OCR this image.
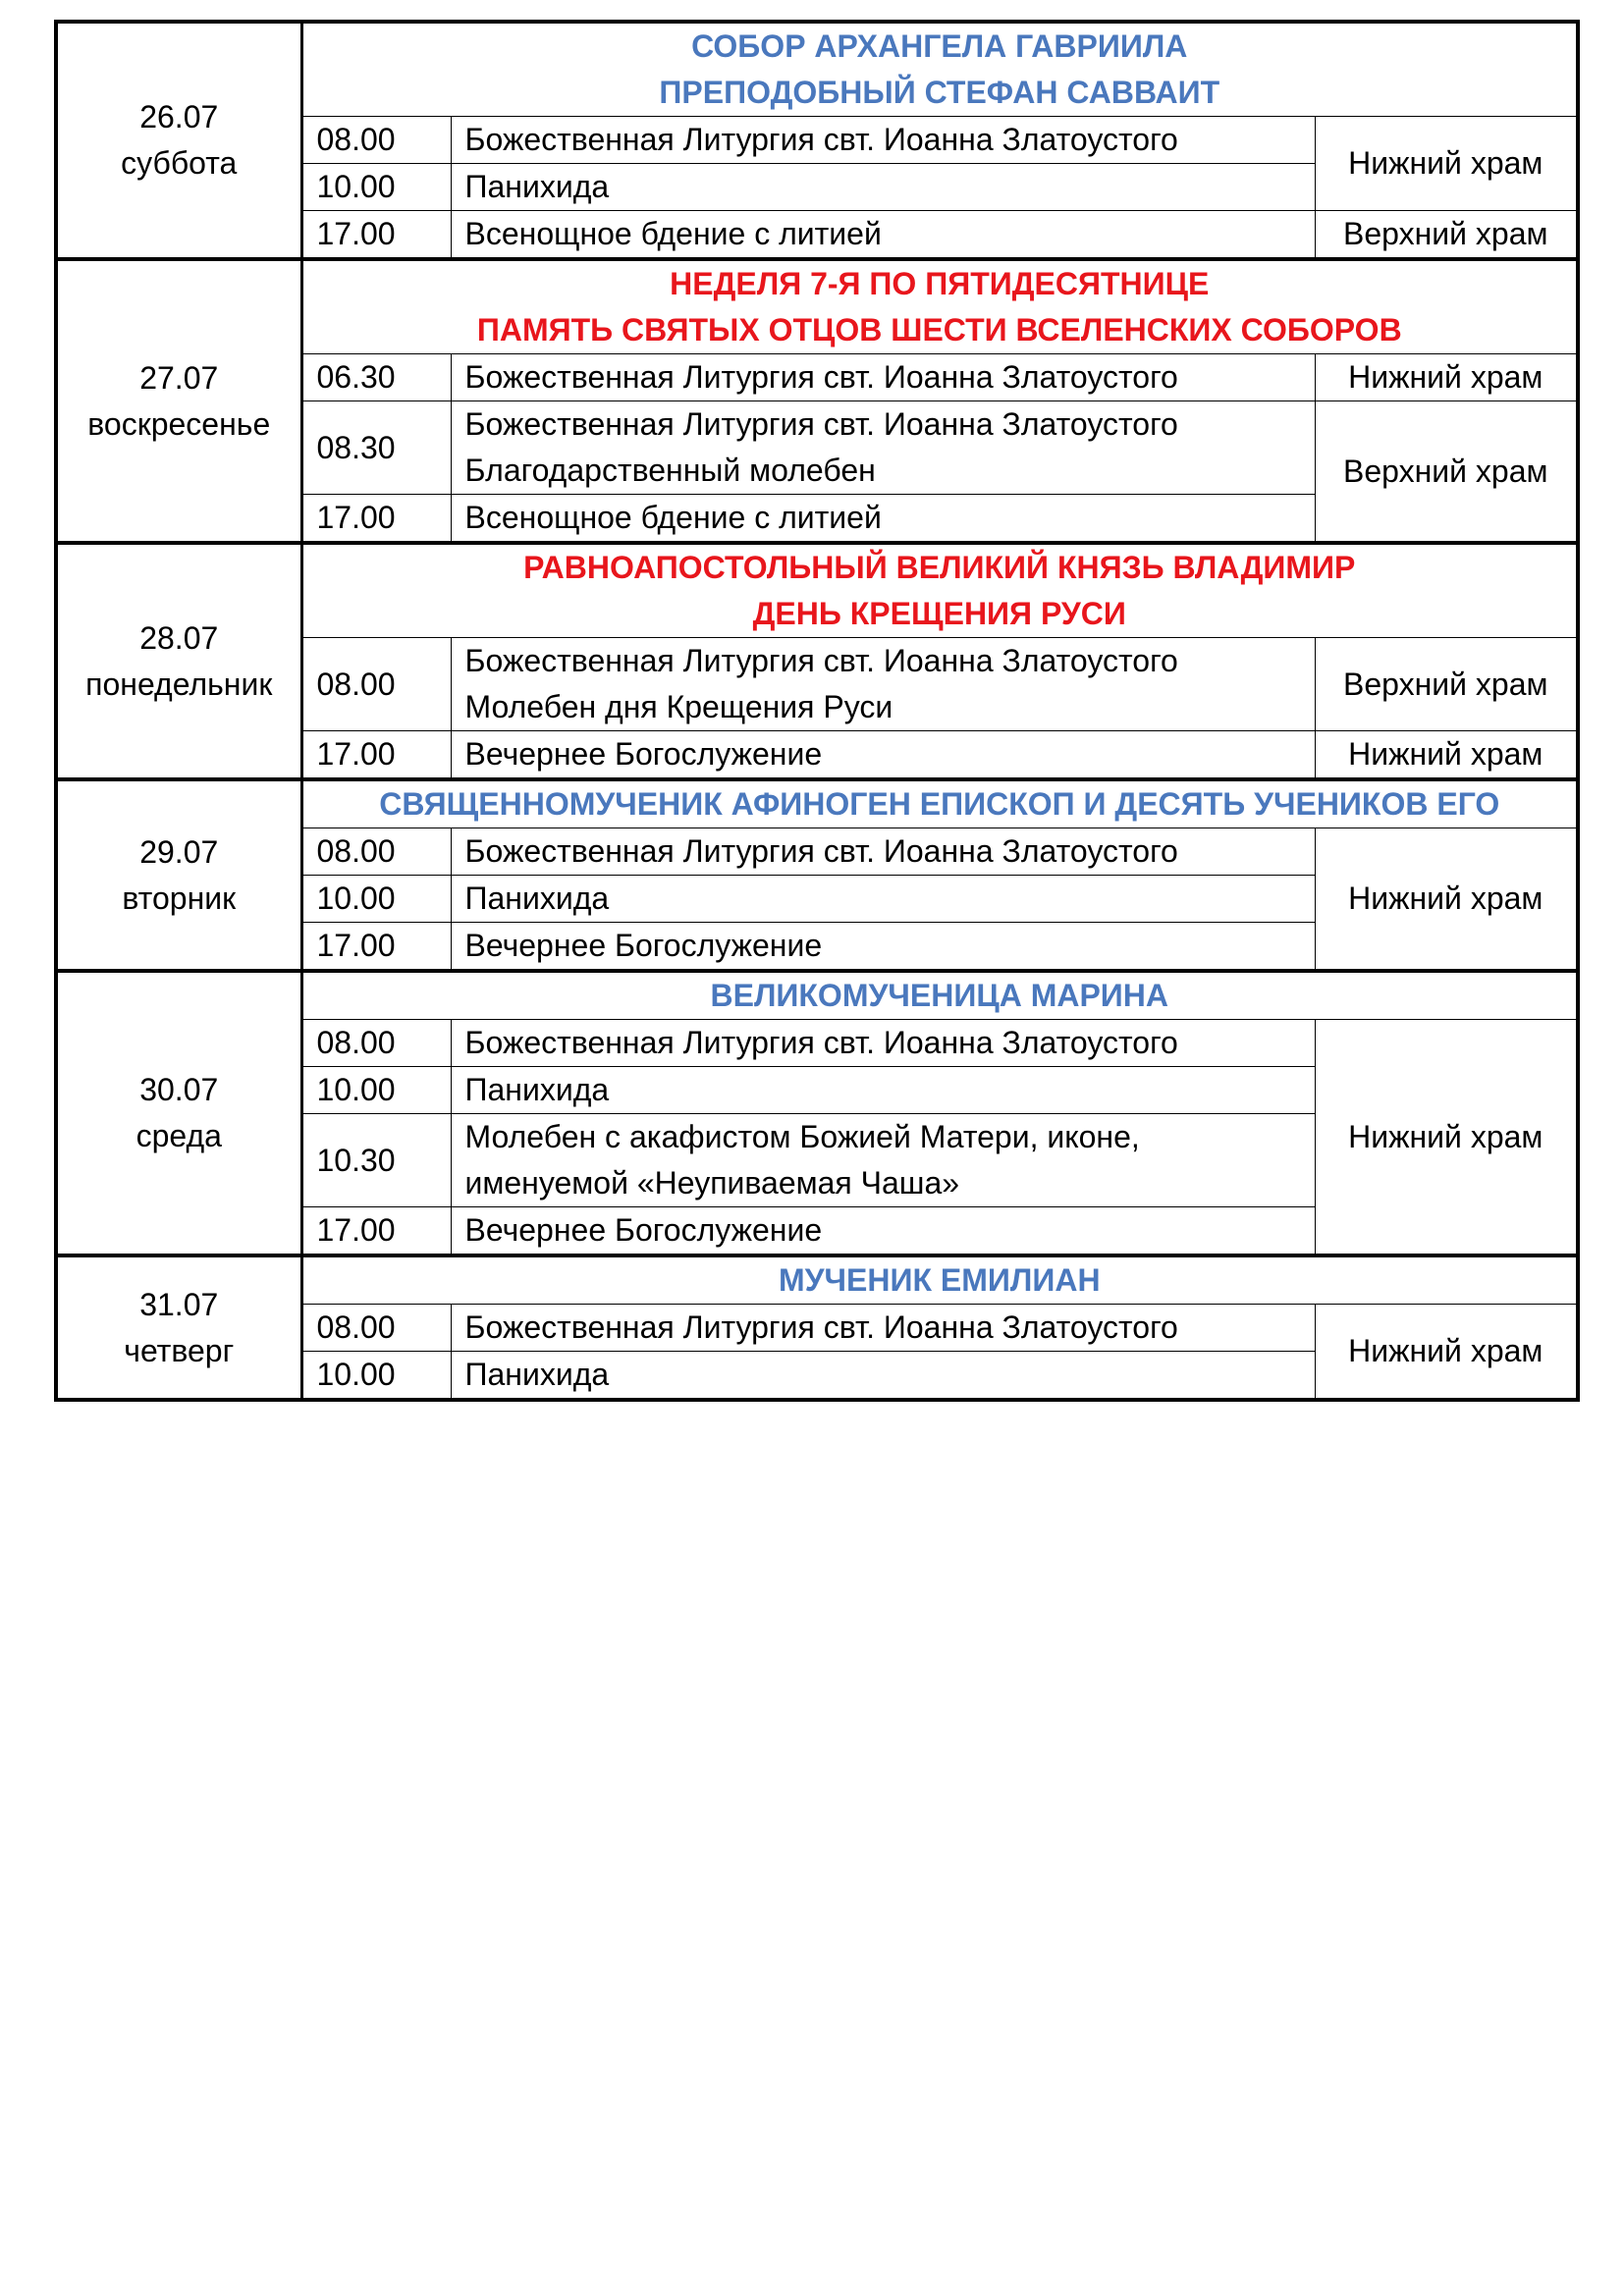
26.07
суббота	СОБОР АРХАНГЕЛА ГАВРИИЛА
ПРЕПОДОБНЫЙ СТЕФАН САВВАИТ		

	08.00	Божественная Литургия свт. Иоанна Златоустого	Нижний храм
	10.00	Панихида	
	17.00	Всенощное бдение с литией	Верхний храм

27.07
воскресенье	НЕДЕЛЯ 7-Я ПО ПЯТИДЕСЯТНИЦЕ
ПАМЯТЬ СВЯТЫХ ОТЦОВ ШЕСТИ ВСЕЛЕНСКИХ СОБОРОВ		

	06.30	Божественная Литургия свт. Иоанна Златоустого	Нижний храм
	08.30	Божественная Литургия свт. Иоанна Златоустого
Благодарственный молебен	Верхний храм
	17.00	Всенощное бдение с литией	

28.07
понедельник	РАВНОАПОСТОЛЬНЫЙ ВЕЛИКИЙ КНЯЗЬ ВЛАДИМИР
ДЕНЬ КРЕЩЕНИЯ РУСИ		

	08.00	Божественная Литургия свт. Иоанна Златоустого
Молебен дня Крещения Руси	Верхний храм
	17.00	Вечернее Богослужение	Нижний храм

29.07
вторник	СВЯЩЕННОМУЧЕНИК АФИНОГЕН ЕПИСКОП И ДЕСЯТЬ УЧЕНИКОВ ЕГО		

	08.00	Божественная Литургия свт. Иоанна Златоустого	Нижний храм
	10.00	Панихида	
	17.00	Вечернее Богослужение	

30.07
среда	ВЕЛИКОМУЧЕНИЦА МАРИНА		

	08.00	Божественная Литургия свт. Иоанна Златоустого	Нижний храм
	10.00	Панихида	
	10.30	Молебен с акафистом Божией Матери, иконе,
именуемой «Неупиваемая Чаша»	

	17.00	Вечернее Богослужение	

31.07
четверг	МУЧЕНИК ЕМИЛИАН		

	08.00	Божественная Литургия свт. Иоанна Златоустого	Нижний храм
	10.00	Панихида	
